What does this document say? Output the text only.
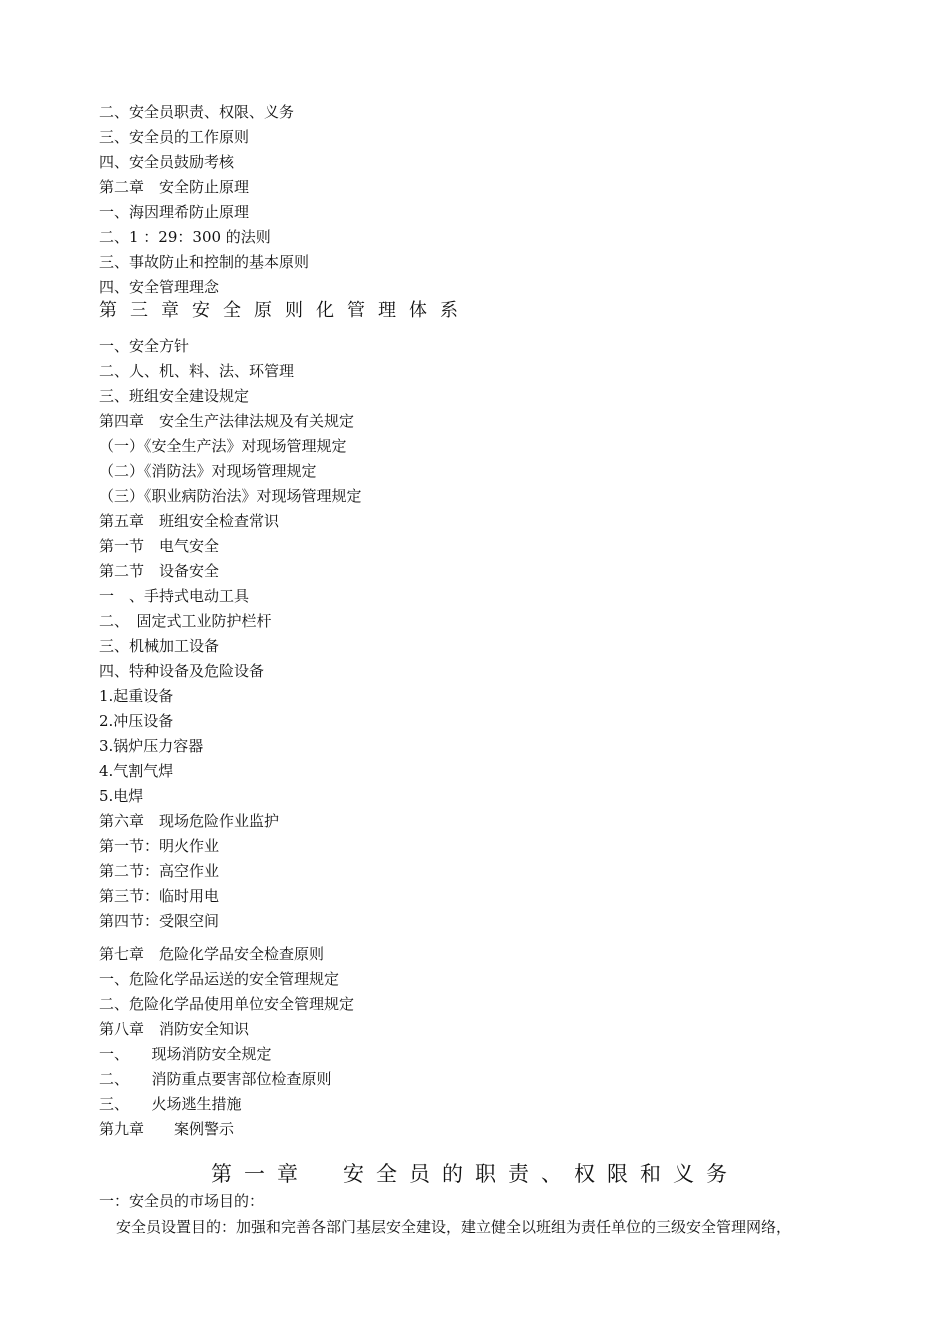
二、安全员职责、权限、义务
三、安全员的工作原则
四、安全员鼓励考核
第二章　安全防止原理
一、海因理希防止原理
二、1 ：29：300 的法则
三、事故防止和控制的基本原则
四、安全管理理念
第三章安全原则化管理体系
一、安全方针
二、人、机、料、法、环管理
三、班组安全建设规定
第四章　安全生产法律法规及有关规定
（一）《安全生产法》对现场管理规定
（二）《消防法》对现场管理规定
（三）《职业病防治法》对现场管理规定
第五章　班组安全检查常识
第一节　电气安全
第二节　设备安全
一　、手持式电动工具
二、　固定式工业防护栏杆
三、机械加工设备
四、特种设备及危险设备
1.起重设备
2.冲压设备
3.锅炉压力容器
4.气割气焊
5.电焊
第六章　现场危险作业监护
第一节：明火作业
第二节：高空作业
第三节：临时用电
第四节：受限空间
第七章　危险化学品安全检查原则
一、危险化学品运送的安全管理规定
二、危险化学品使用单位安全管理规定
第八章　消防安全知识
一、　　现场消防安全规定
二、　　消防重点要害部位检查原则
三、　　火场逃生措施
第九章　　案例警示
第一章　安全员的职责、权限和义务
一：安全员的市场目的：
安全员设置目的：加强和完善各部门基层安全建设，建立健全以班组为责任单位的三级安全管理网络，
